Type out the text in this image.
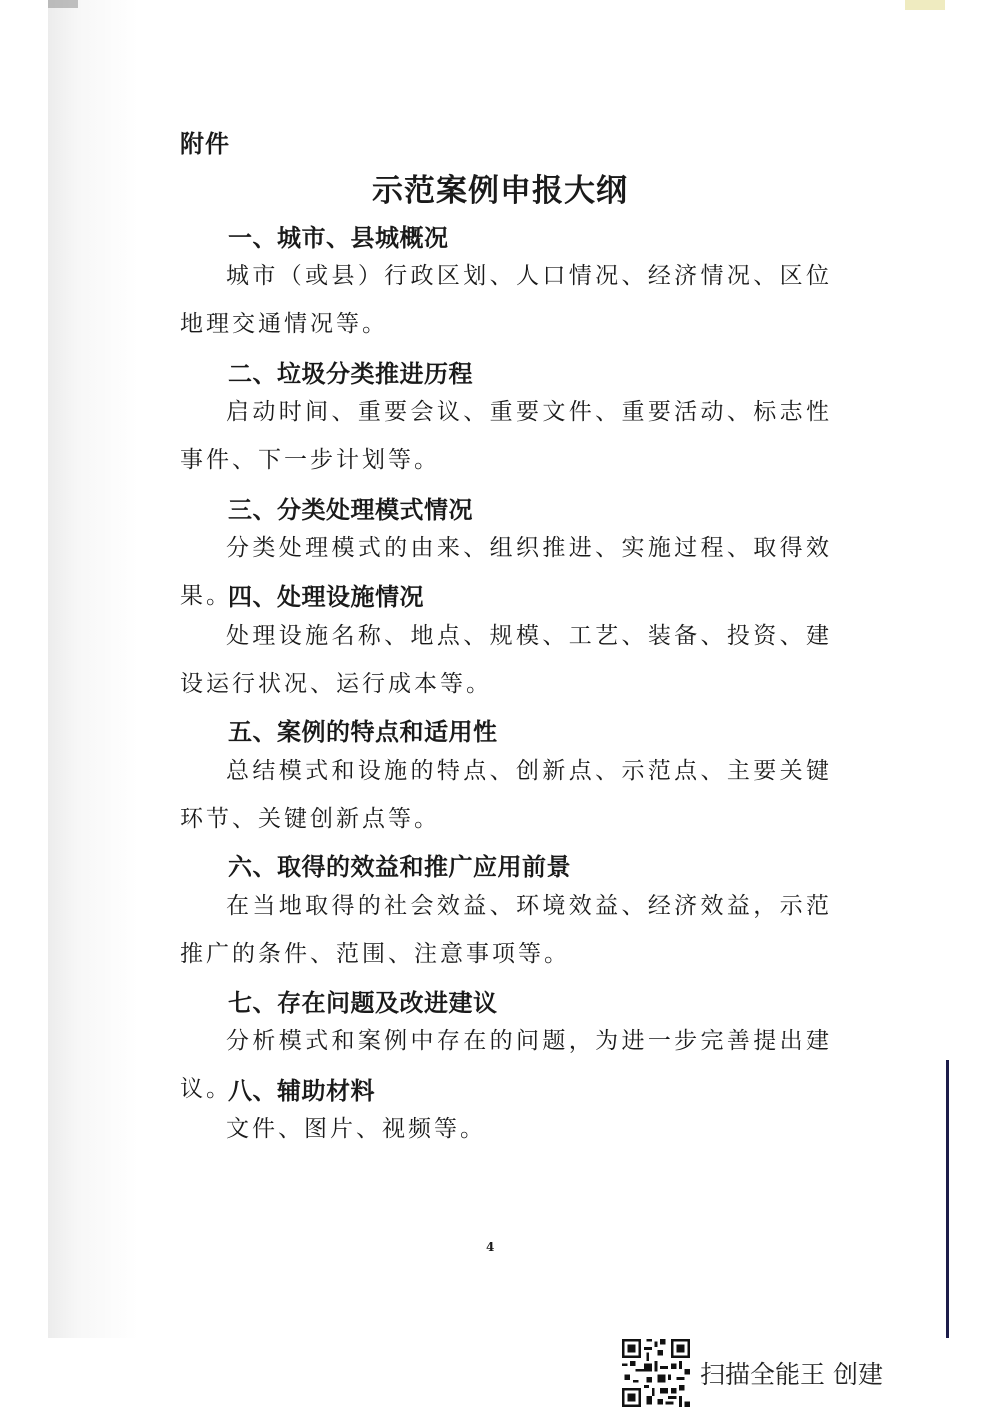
附件
示范案例申报大纲
一、城市、县城概况
城市（或县）行政区划、人口情况、经济情况、区位地理交通情况等。
二、垃圾分类推进历程
启动时间、重要会议、重要文件、重要活动、标志性事件、下一步计划等。
三、分类处理模式情况
分类处理模式的由来、组织推进、实施过程、取得效果。
四、处理设施情况
处理设施名称、地点、规模、工艺、装备、投资、建设运行状况、运行成本等。
五、案例的特点和适用性
总结模式和设施的特点、创新点、示范点、主要关键环节、关键创新点等。
六、取得的效益和推广应用前景
在当地取得的社会效益、环境效益、经济效益，示范推广的条件、范围、注意事项等。
七、存在问题及改进建议
分析模式和案例中存在的问题，为进一步完善提出建议。
八、辅助材料
文件、图片、视频等。
4
扫描全能王 创建
